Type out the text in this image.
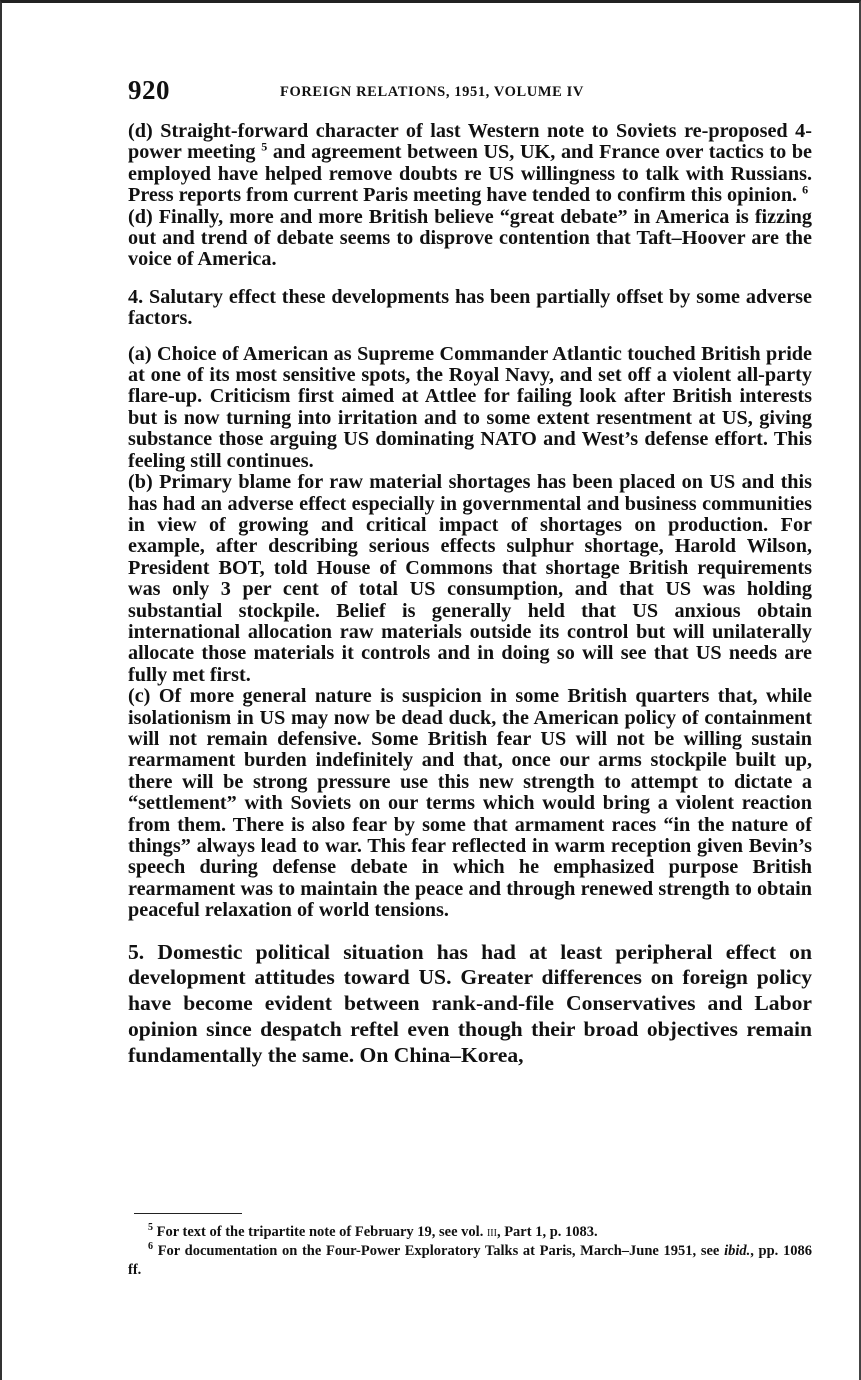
920	FOREIGN RELATIONS, 1951, VOLUME IV

(d) Straight-forward character of last Western note to Soviets re-proposed 4-power meeting $^5$ and agreement between US, UK, and France over tactics to be employed have helped remove doubts re US willingness to talk with Russians. Press reports from current Paris meeting have tended to confirm this opinion. $^6$

(d) Finally, more and more British believe “great debate” in America is fizzing out and trend of debate seems to disprove contention that Taft–Hoover are the voice of America.

4. Salutary effect these developments has been partially offset by some adverse factors.

(a) Choice of American as Supreme Commander Atlantic touched British pride at one of its most sensitive spots, the Royal Navy, and set off a violent all-party flare-up. Criticism first aimed at Attlee for failing look after British interests but is now turning into irritation and to some extent resentment at US, giving substance those arguing US dominating NATO and West’s defense effort. This feeling still continues.

(b) Primary blame for raw material shortages has been placed on US and this has had an adverse effect especially in governmental and business communities in view of growing and critical impact of shortages on production. For example, after describing serious effects sulphur shortage, Harold Wilson, President BOT, told House of Commons that shortage British requirements was only 3 per cent of total US consumption, and that US was holding substantial stockpile. Belief is generally held that US anxious obtain international allocation raw materials outside its control but will unilaterally allocate those materials it controls and in doing so will see that US needs are fully met first.

(c) Of more general nature is suspicion in some British quarters that, while isolationism in US may now be dead duck, the American policy of containment will not remain defensive. Some British fear US will not be willing sustain rearmament burden indefinitely and that, once our arms stockpile built up, there will be strong pressure use this new strength to attempt to dictate a “settlement” with Soviets on our terms which would bring a violent reaction from them. There is also fear by some that armament races “in the nature of things” always lead to war. This fear reflected in warm reception given Bevin’s speech during defense debate in which he emphasized purpose British rearmament was to maintain the peace and through renewed strength to obtain peaceful relaxation of world tensions.

5. Domestic political situation has had at least peripheral effect on development attitudes toward US. Greater differences on foreign policy have become evident between rank-and-file Conservatives and Labor opinion since despatch reftel even though their broad objectives remain fundamentally the same. On China–Korea,

$^5$ For text of the tripartite note of February 19, see vol. iii, Part 1, p. 1083.

$^6$ For documentation on the Four-Power Exploratory Talks at Paris, March–June 1951, see ibid., pp. 1086 ff.
